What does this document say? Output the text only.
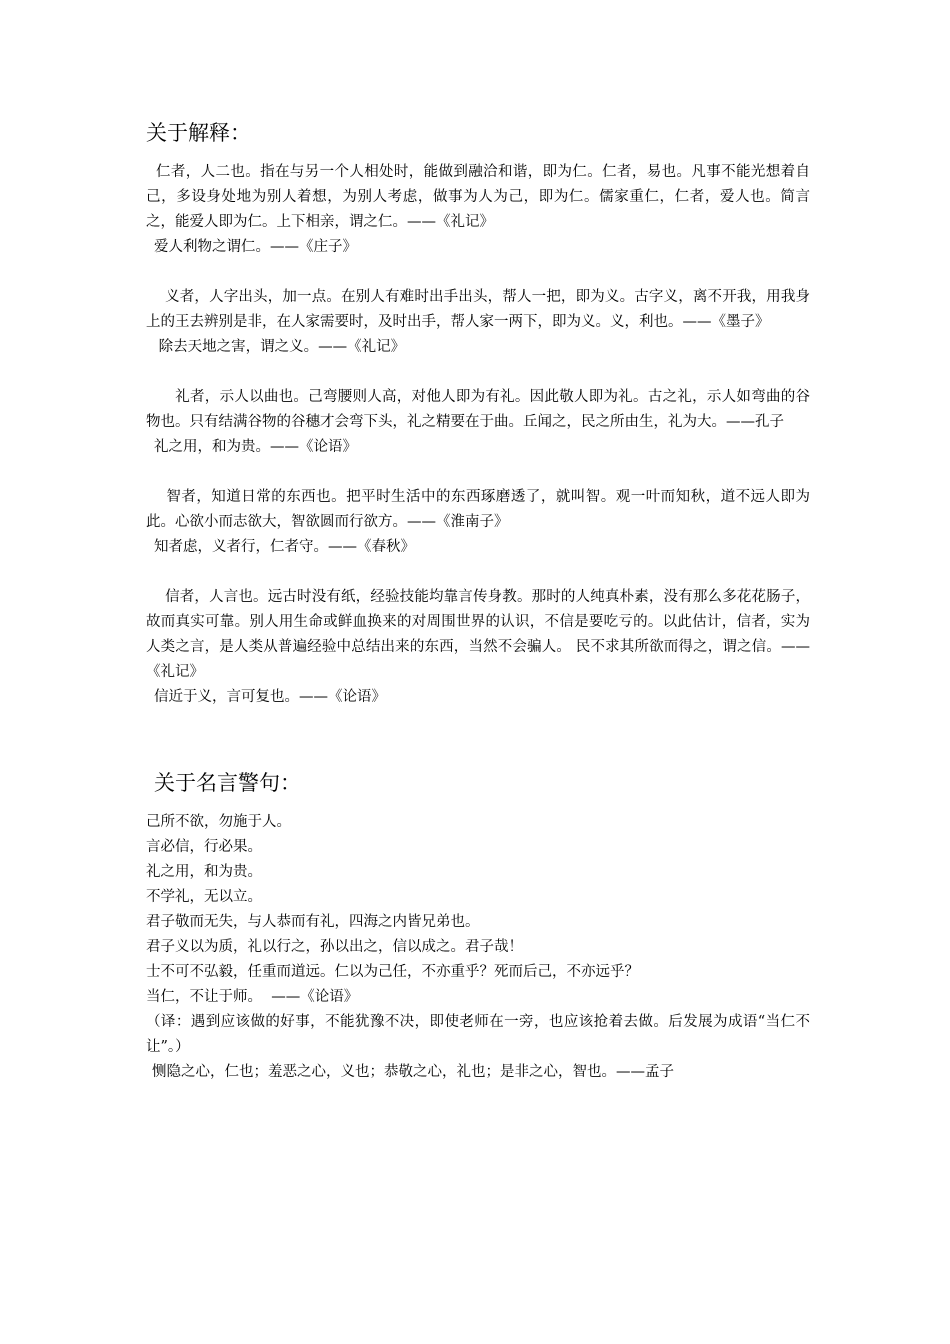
关于解释：

仁者，人二也。指在与另一个人相处时，能做到融洽和谐，即为仁。仁者，易也。凡事不能光想着自己，多设身处地为别人着想，为别人考虑，做事为人为己，即为仁。儒家重仁，仁者，爱人也。简言之，能爱人即为仁。上下相亲，谓之仁。——《礼记》

爱人利物之谓仁。——《庄子》

义者，人字出头，加一点。在别人有难时出手出头，帮人一把，即为义。古字义，离不开我，用我身上的王去辨别是非，在人家需要时，及时出手，帮人家一两下，即为义。义，利也。——《墨子》

除去天地之害，谓之义。——《礼记》

礼者，示人以曲也。己弯腰则人高，对他人即为有礼。因此敬人即为礼。古之礼，示人如弯曲的谷物也。只有结满谷物的谷穗才会弯下头，礼之精要在于曲。丘闻之，民之所由生，礼为大。——孔子

礼之用，和为贵。——《论语》

智者，知道日常的东西也。把平时生活中的东西琢磨透了，就叫智。观一叶而知秋，道不远人即为此。心欲小而志欲大，智欲圆而行欲方。——《淮南子》

知者虑，义者行，仁者守。——《春秋》

信者，人言也。远古时没有纸，经验技能均靠言传身教。那时的人纯真朴素，没有那么多花花肠子，故而真实可靠。别人用生命或鲜血换来的对周围世界的认识，不信是要吃亏的。以此估计，信者，实为人类之言，是人类从普遍经验中总结出来的东西，当然不会骗人。 民不求其所欲而得之，谓之信。——《礼记》

信近于义，言可复也。——《论语》

关于名言警句：

己所不欲，勿施于人。

言必信，行必果。

礼之用，和为贵。

不学礼，无以立。

君子敬而无失，与人恭而有礼，四海之内皆兄弟也。

君子义以为质，礼以行之，孙以出之，信以成之。君子哉！

士不可不弘毅，任重而道远。仁以为己任，不亦重乎？死而后己，不亦远乎？

当仁，不让于师。  ——《论语》

（译：遇到应该做的好事，不能犹豫不决，即使老师在一旁，也应该抢着去做。后发展为成语“当仁不让”。）

恻隐之心，仁也；羞恶之心，义也；恭敬之心，礼也；是非之心，智也。——孟子
